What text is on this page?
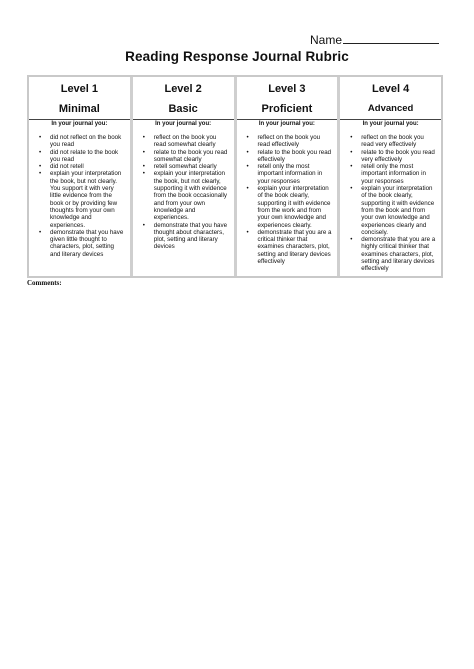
Name
Reading Response Journal Rubric
Level 1
Minimal
In your journal you:
• did not reflect on the book you read
• did not relate to the book you read
• did not retell
• explain your interpretation the book, but not clearly. You support it with very little evidence from the book or by providing few thoughts from your own knowledge and experiences.
• demonstrate that you have given little thought to characters, plot, setting and literary devices
Level 2
Basic
In your journal you:
• reflect on the book you read somewhat clearly
• relate to the book you read somewhat clearly
• retell somewhat clearly
• explain your interpretation the book, but not clearly, supporting it with evidence from the book occasionally and from your own knowledge and experiences.
• demonstrate that you have thought about characters, plot, setting and literary devices
Level 3
Proficient
In your journal you:
• reflect on the book you read effectively
• relate to the book you read effectively
• retell only the most important information in your responses
• explain your interpretation of the book clearly, supporting it with evidence from the work and from your own knowledge and experiences clearly.
• demonstrate that you are a critical thinker that examines characters, plot, setting and literary devices effectively
Level 4
Advanced
In your journal you:
• reflect on the book you read very effectively
• relate to the book you read very effectively
• retell only the most important information in your responses
• explain your interpretation of the book clearly, supporting it with evidence from the book and from your own knowledge and experiences clearly and concisely.
• demonstrate that you are a highly critical thinker that examines characters, plot, setting and literary devices effectively
Comments:
